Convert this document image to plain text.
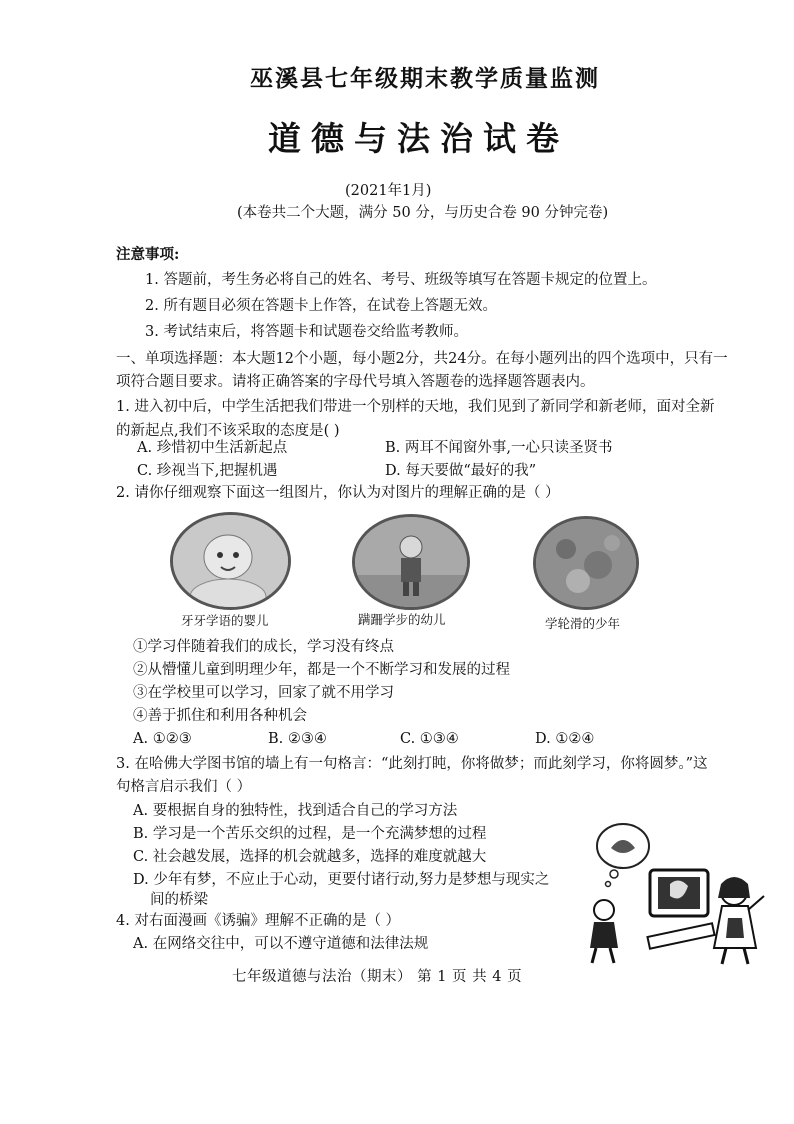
巫溪县七年级期末教学质量监测
道德与法治试卷
(2021年1月)
(本卷共二个大题，满分 50 分，与历史合卷 90 分钟完卷)
注意事项:
1. 答题前，考生务必将自己的姓名、考号、班级等填写在答题卡规定的位置上。
2. 所有题目必须在答题卡上作答，在试卷上答题无效。
3. 考试结束后，将答题卡和试题卷交给监考教师。
一、单项选择题：本大题12个小题，每小题2分，共24分。在每小题列出的四个选项中，只有一
项符合题目要求。请将正确答案的字母代号填入答题卷的选择题答题表内。
1. 进入初中后，中学生活把我们带进一个别样的天地，我们见到了新同学和新老师，面对全新
的新起点,我们不该采取的态度是( )
A. 珍惜初中生活新起点	B. 两耳不闻窗外事,一心只读圣贤书
C. 珍视当下,把握机遇	D. 每天要做“最好的我”
2. 请你仔细观察下面这一组图片，你认为对图片的理解正确的是（ ）
牙牙学语的婴儿	蹒跚学步的幼儿	学轮滑的少年
①学习伴随着我们的成长，学习没有终点
②从懵懂儿童到明理少年，都是一个不断学习和发展的过程
③在学校里可以学习，回家了就不用学习
④善于抓住和利用各种机会
A. ①②③	B. ②③④	C. ①③④	D. ①②④
3. 在哈佛大学图书馆的墙上有一句格言：“此刻打盹，你将做梦；而此刻学习，你将圆梦。”这
句格言启示我们（ ）
A. 要根据自身的独特性，找到适合自己的学习方法
B. 学习是一个苦乐交织的过程，是一个充满梦想的过程
C. 社会越发展，选择的机会就越多，选择的难度就越大
D. 少年有梦，不应止于心动，更要付诸行动,努力是梦想与现实之
间的桥梁
4. 对右面漫画《诱骗》理解不正确的是（ ）
A. 在网络交往中，可以不遵守道德和法律法规
七年级道德与法治（期末） 第 1 页 共 4 页
